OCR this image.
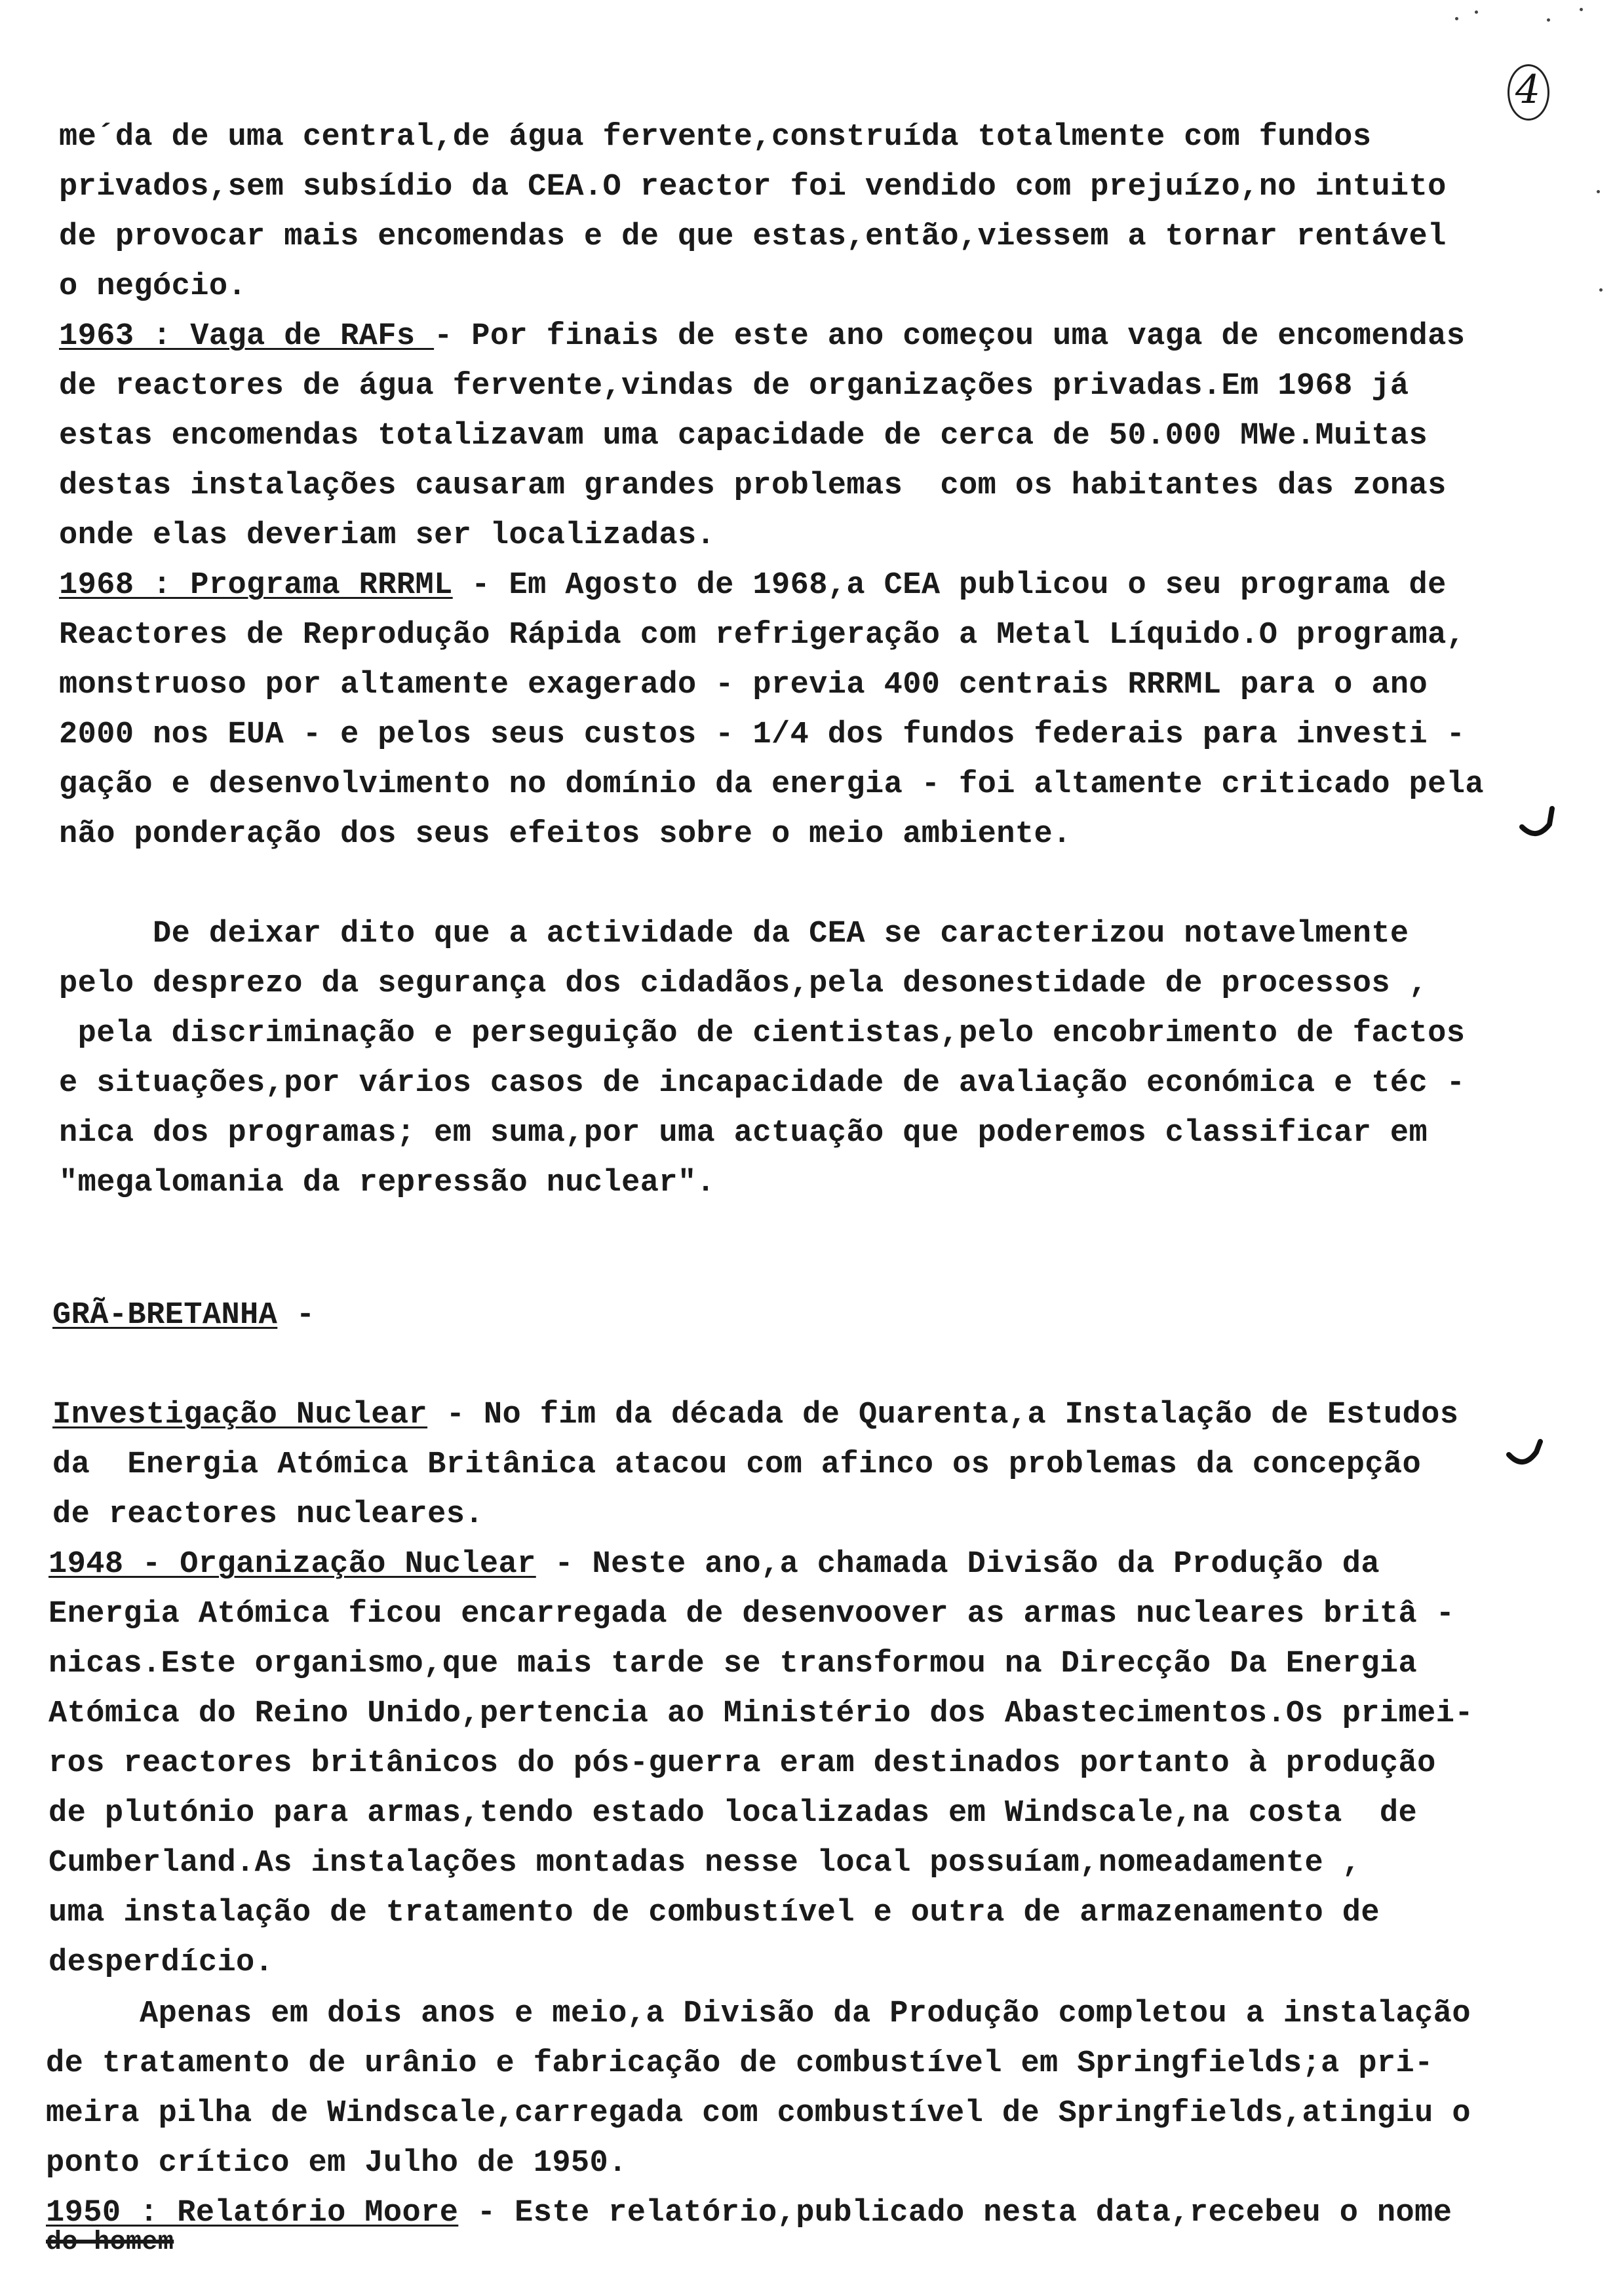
4
me´da de uma central,de água fervente,construída totalmente com fundos
privados,sem subsídio da CEA.O reactor foi vendido com prejuízo,no intuito
de provocar mais encomendas e de que estas,então,viessem a tornar rentável
o negócio.
1963 : Vaga de RAFs - Por finais de este ano começou uma vaga de encomendas
de reactores de água fervente,vindas de organizações privadas.Em 1968 já
estas encomendas totalizavam uma capacidade de cerca de 50.000 MWe.Muitas
destas instalações causaram grandes problemas  com os habitantes das zonas
onde elas deveriam ser localizadas.
1968 : Programa RRRML - Em Agosto de 1968,a CEA publicou o seu programa de
Reactores de Reprodução Rápida com refrigeração a Metal Líquido.O programa,
monstruoso por altamente exagerado - previa 400 centrais RRRML para o ano
2000 nos EUA - e pelos seus custos - 1/4 dos fundos federais para investi -
gação e desenvolvimento no domínio da energia - foi altamente criticado pela
não ponderação dos seus efeitos sobre o meio ambiente.
De deixar dito que a actividade da CEA se caracterizou notavelmente
pelo desprezo da segurança dos cidadãos,pela desonestidade de processos ,
pela discriminação e perseguição de cientistas,pelo encobrimento de factos
e situações,por vários casos de incapacidade de avaliação económica e téc -
nica dos programas; em suma,por uma actuação que poderemos classificar em
"megalomania da repressão nuclear".
GRÃ-BRETANHA -
Investigação Nuclear - No fim da década de Quarenta,a Instalação de Estudos
da  Energia Atómica Britânica atacou com afinco os problemas da concepção
de reactores nucleares.
1948 - Organização Nuclear - Neste ano,a chamada Divisão da Produção da
Energia Atómica ficou encarregada de desenvoover as armas nucleares britâ -
nicas.Este organismo,que mais tarde se transformou na Direcção Da Energia
Atómica do Reino Unido,pertencia ao Ministério dos Abastecimentos.Os primei-
ros reactores britânicos do pós-guerra eram destinados portanto à produção
de plutónio para armas,tendo estado localizadas em Windscale,na costa  de
Cumberland.As instalações montadas nesse local possuíam,nomeadamente ,
uma instalação de tratamento de combustível e outra de armazenamento de
desperdício.
Apenas em dois anos e meio,a Divisão da Produção completou a instalação
de tratamento de urânio e fabricação de combustível em Springfields;a pri-
meira pilha de Windscale,carregada com combustível de Springfields,atingiu o
ponto crítico em Julho de 1950.
1950 : Relatório Moore - Este relatório,publicado nesta data,recebeu o nome
do homem
